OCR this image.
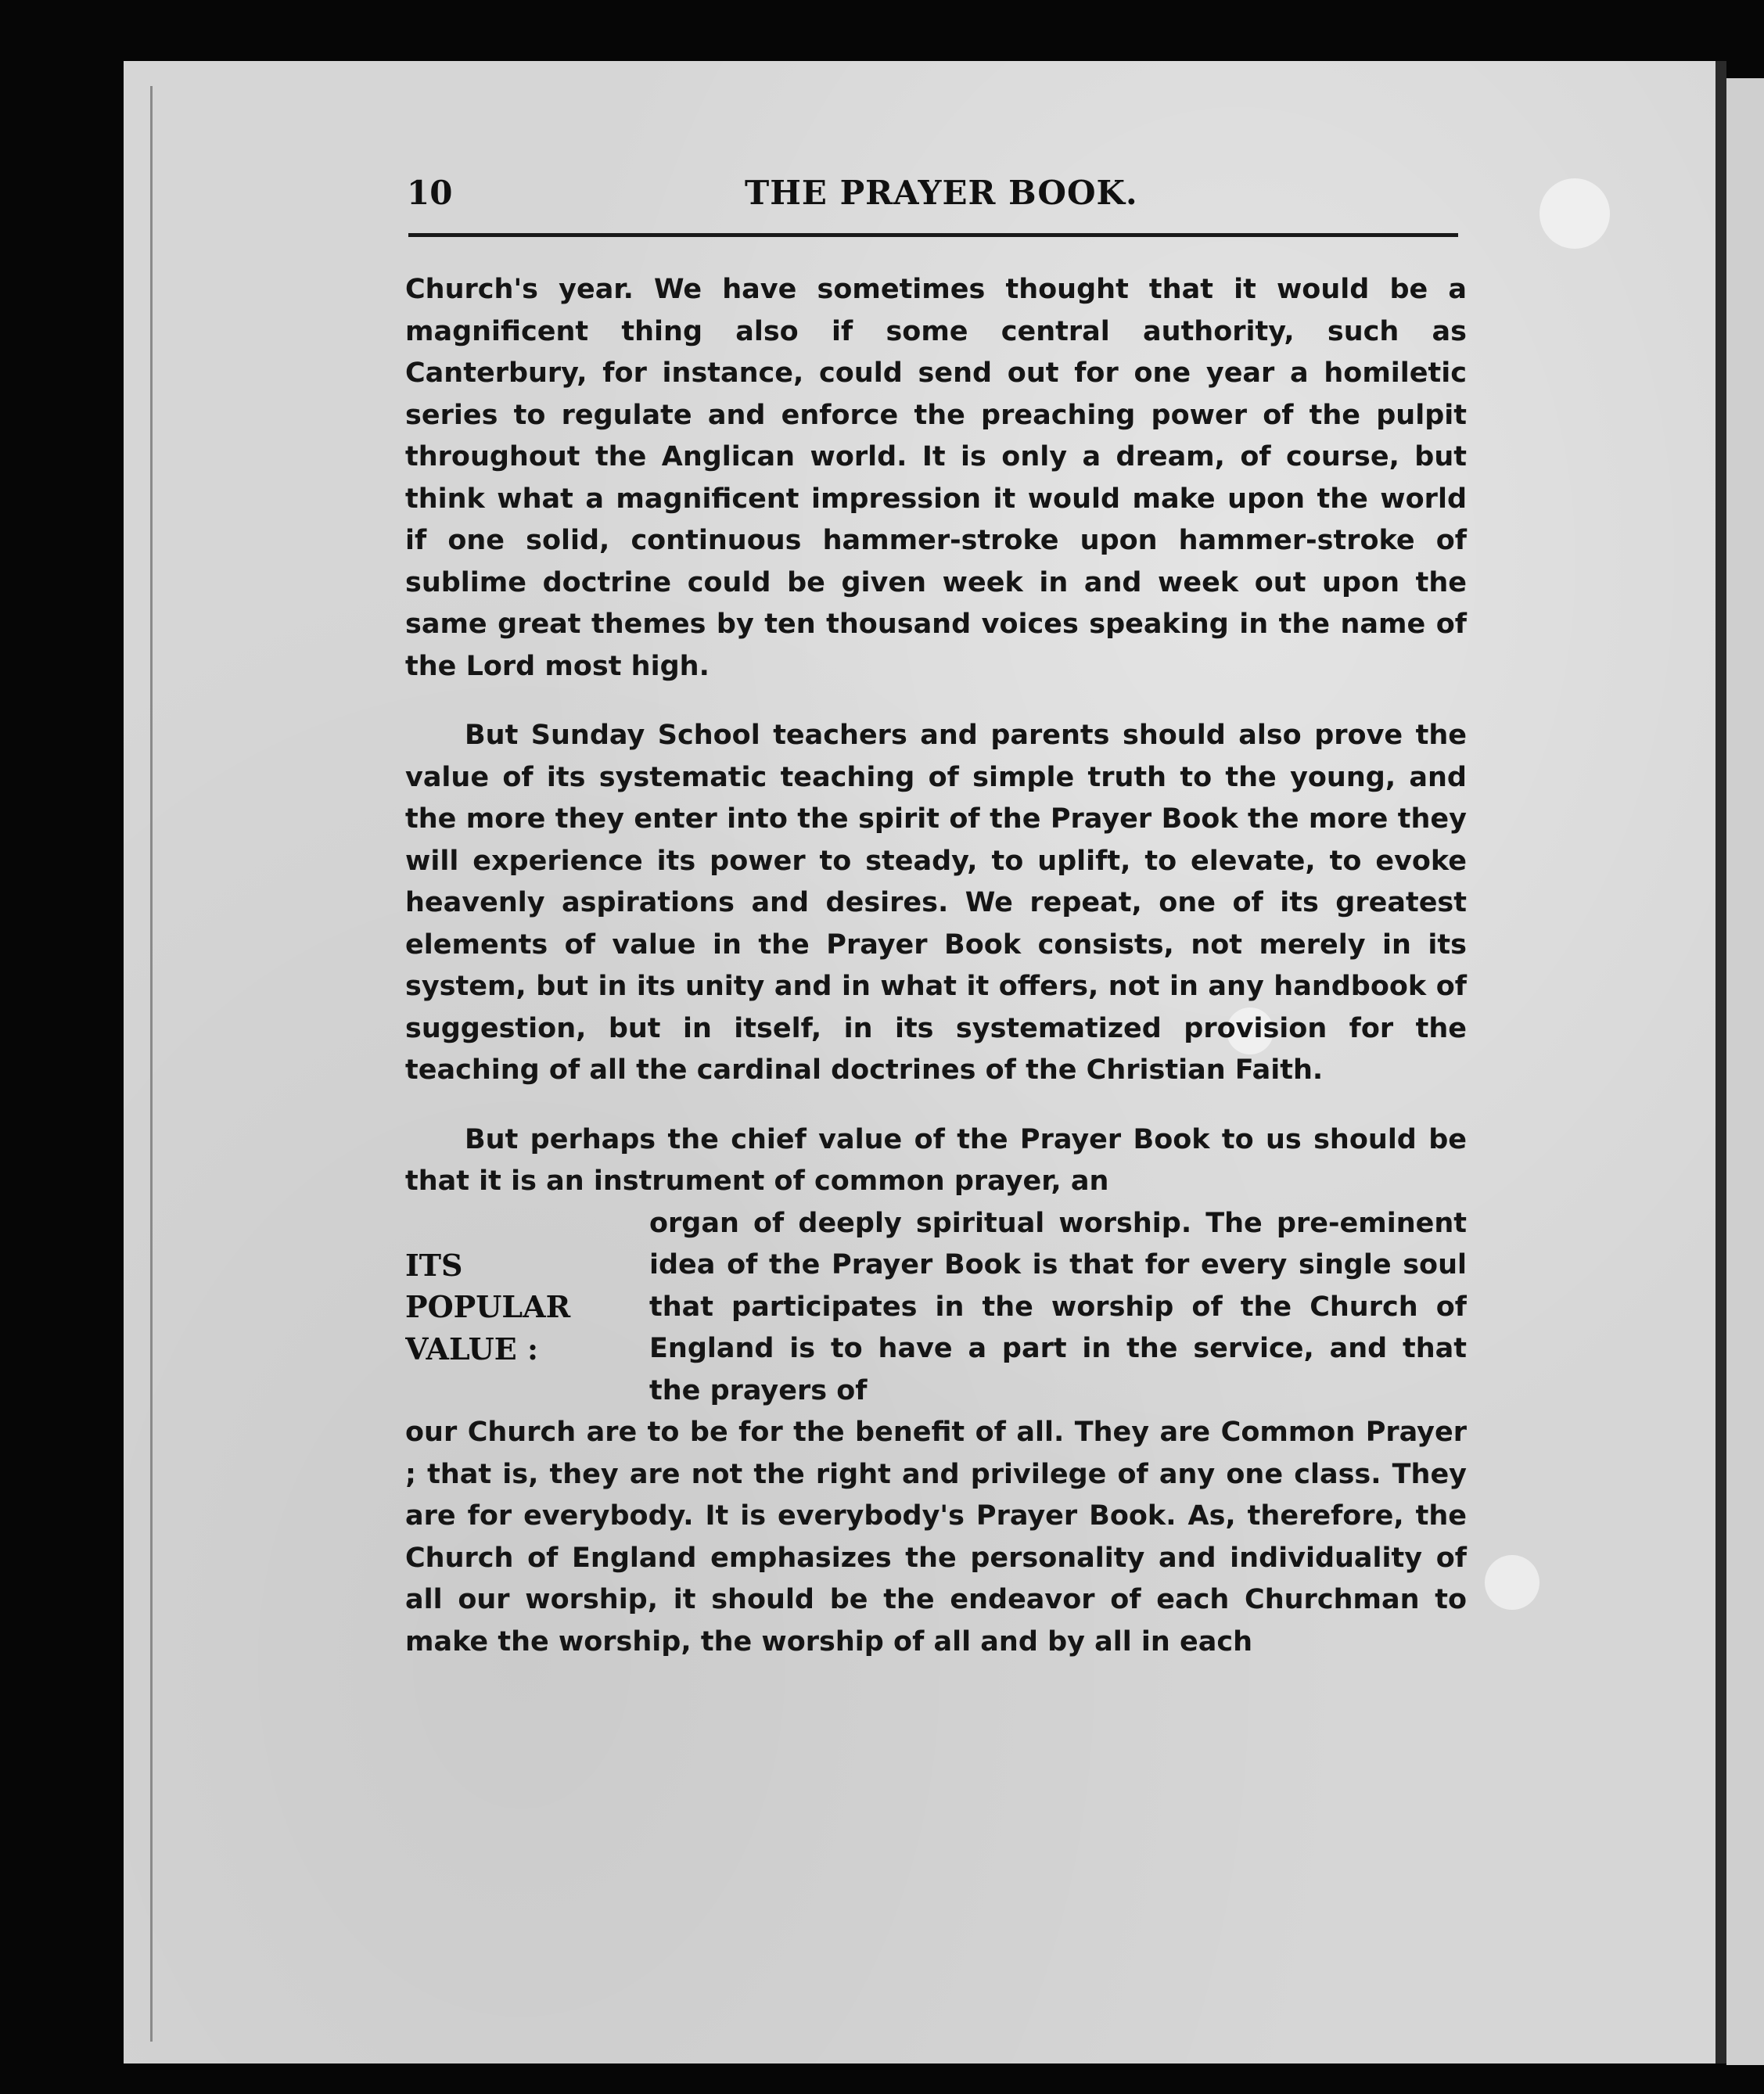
10	THE PRAYER BOOK.

Church's year. We have sometimes thought that it would be a magnificent thing also if some central authority, such as Canterbury, for instance, could send out for one year a homiletic series to regulate and enforce the preaching power of the pulpit throughout the Anglican world. It is only a dream, of course, but think what a magnificent impression it would make upon the world if one solid, continuous hammer-stroke upon hammer-stroke of sublime doctrine could be given week in and week out upon the same great themes by ten thousand voices speaking in the name of the Lord most high.

But Sunday School teachers and parents should also prove the value of its systematic teaching of simple truth to the young, and the more they enter into the spirit of the Prayer Book the more they will experience its power to steady, to uplift, to elevate, to evoke heavenly aspirations and desires. We repeat, one of its greatest elements of value in the Prayer Book consists, not merely in its system, but in its unity and in what it offers, not in any handbook of suggestion, but in itself, in its systematized provision for the teaching of all the cardinal doctrines of the Christian Faith.

But perhaps the chief value of the Prayer Book to us should be that it is an instrument of common prayer, an

ITS
POPULAR
VALUE :
organ of deeply spiritual worship. The pre-eminent idea of the Prayer Book is that for every single soul that participates in the worship of the Church of England is to have a part in the service, and that the prayers of

our Church are to be for the benefit of all. They are Common Prayer ; that is, they are not the right and privilege of any one class. They are for everybody. It is everybody's Prayer Book. As, therefore, the Church of England emphasizes the personality and individuality of all our worship, it should be the endeavor of each Churchman to make the worship, the worship of all and by all in each
